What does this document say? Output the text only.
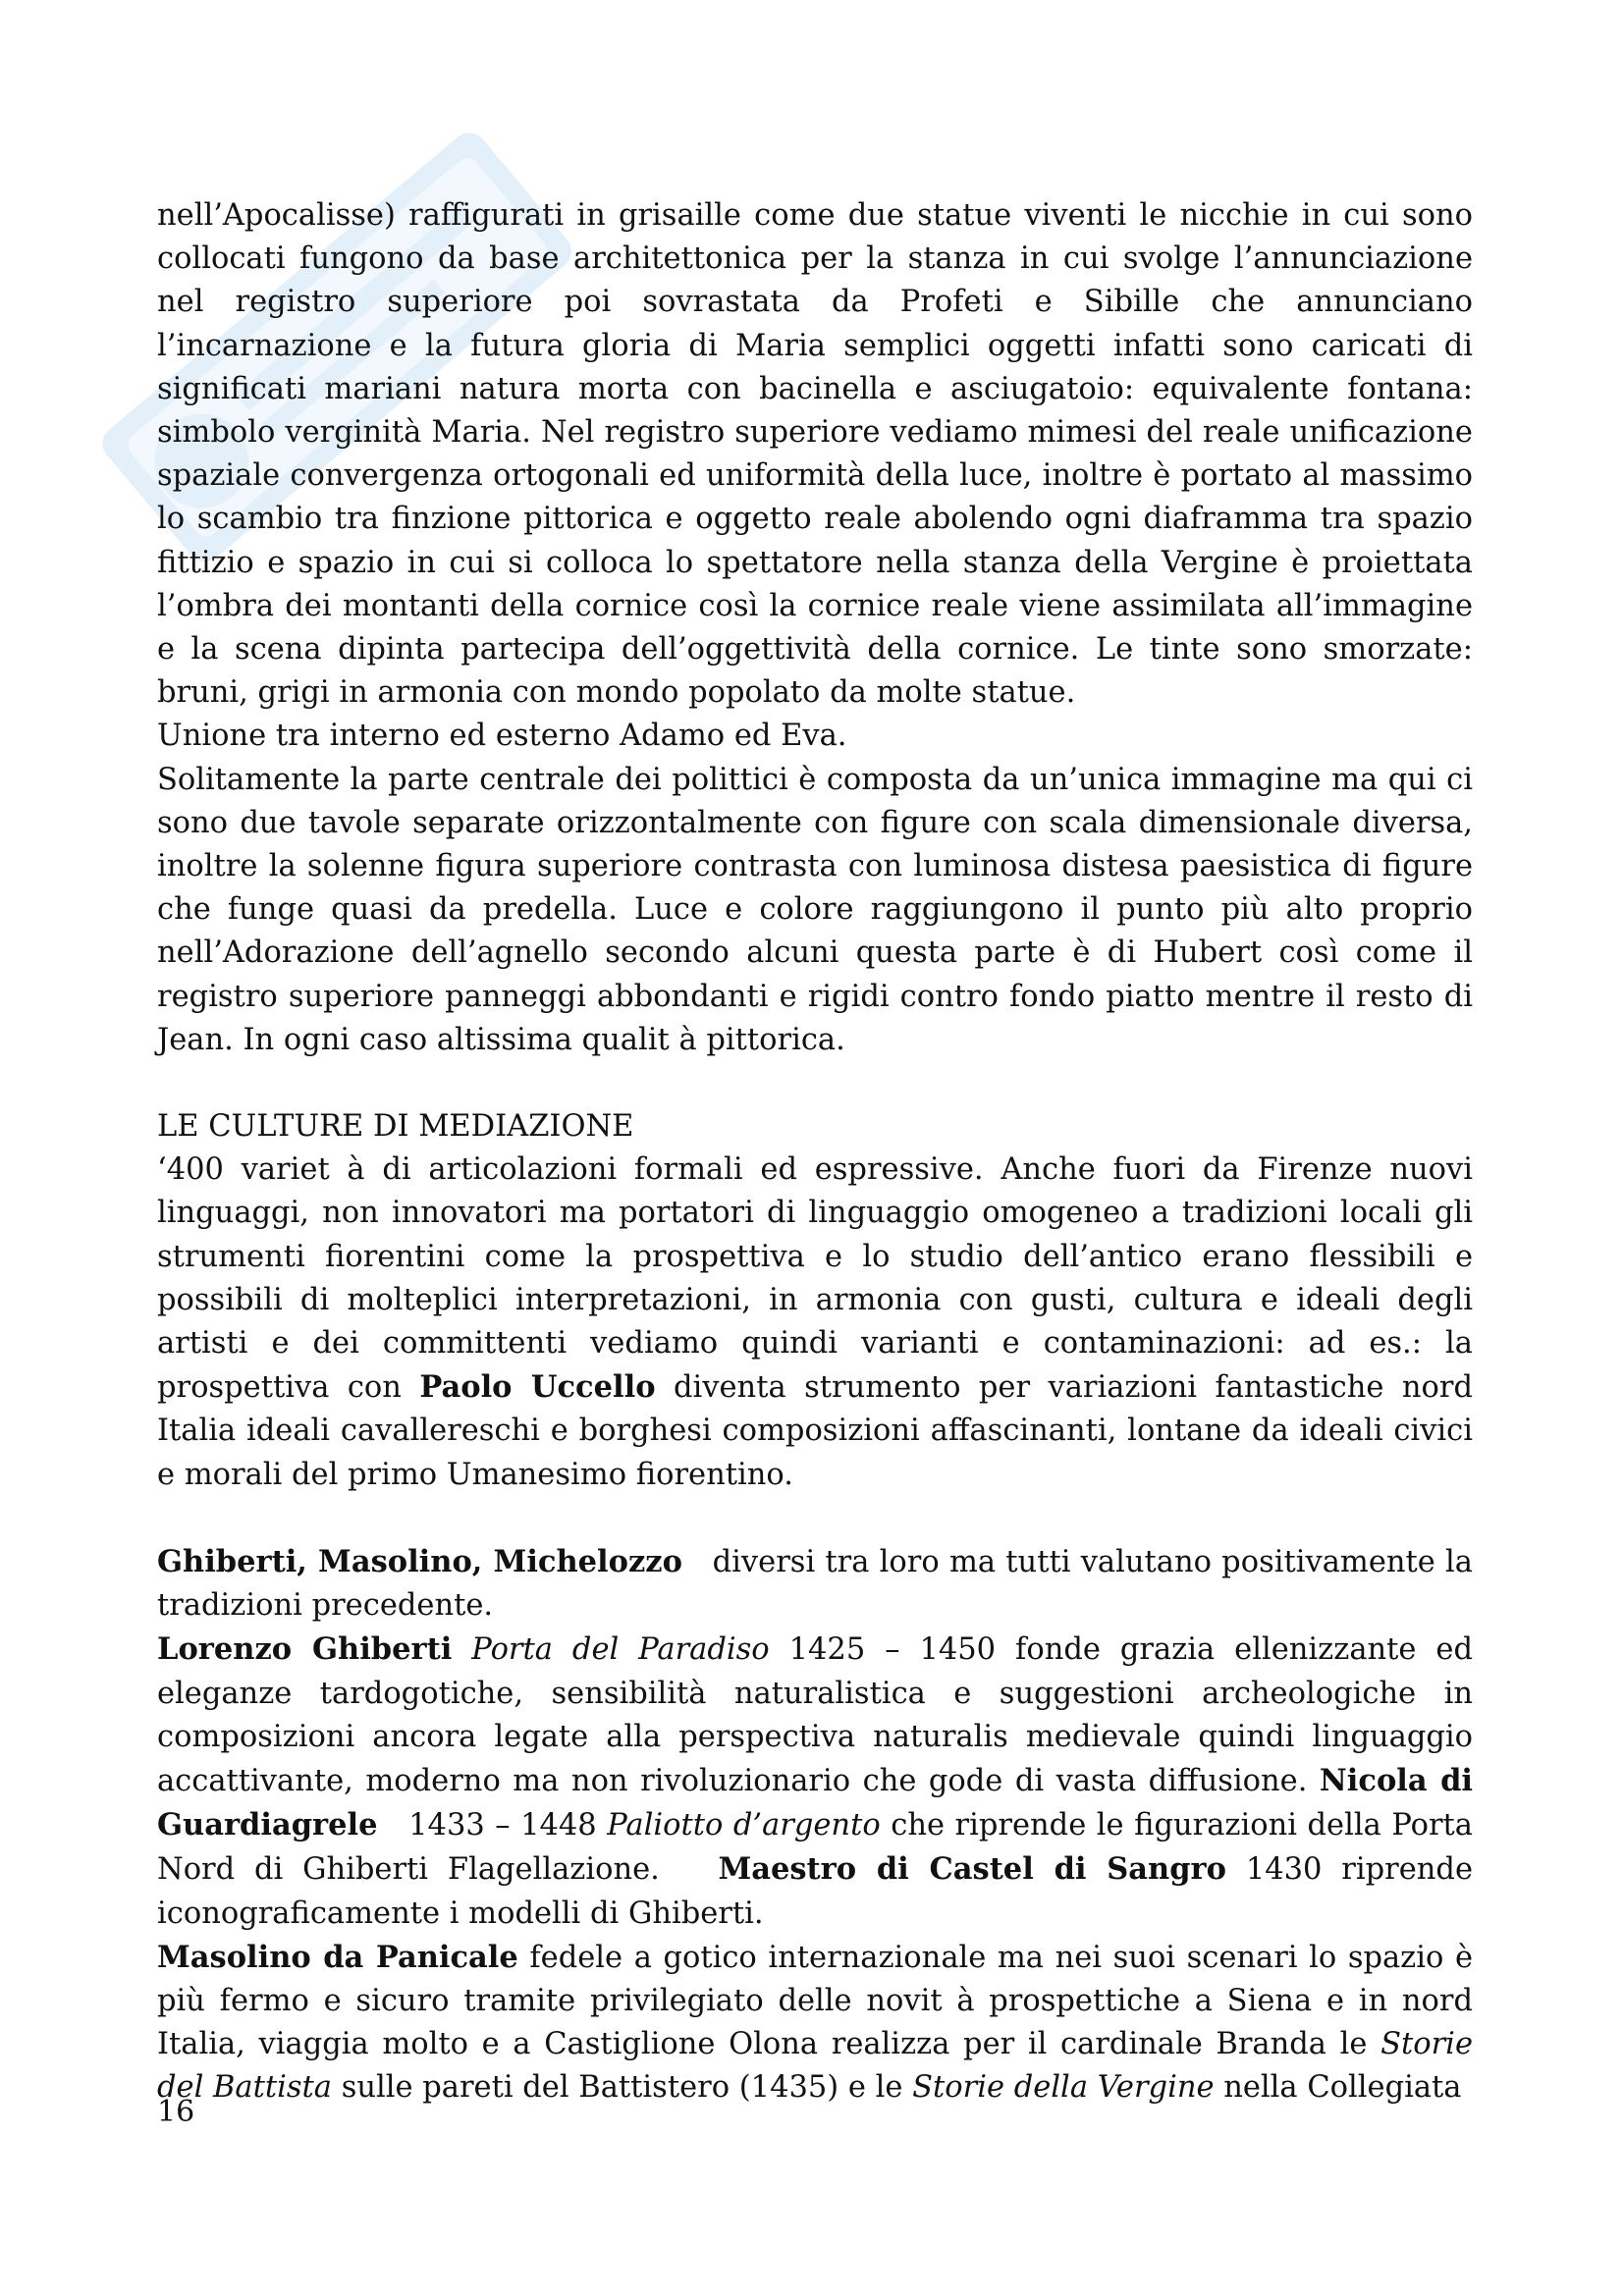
nell’Apocalisse) raffigurati in grisaille come due statue viventi le nicchie in cui sono collocati fungono da base architettonica per la stanza in cui svolge l’annunciazione nel registro superiore poi sovrastata da Profeti e Sibille che annunciano l’incarnazione e la futura gloria di Maria semplici oggetti infatti sono caricati di significati mariani natura morta con bacinella e asciugatoio: equivalente fontana: simbolo verginità Maria. Nel registro superiore vediamo mimesi del reale unificazione spaziale convergenza ortogonali ed uniformità della luce, inoltre è portato al massimo lo scambio tra finzione pittorica e oggetto reale abolendo ogni diaframma tra spazio fittizio e spazio in cui si colloca lo spettatore nella stanza della Vergine è proiettata l’ombra dei montanti della cornice così la cornice reale viene assimilata all’immagine e la scena dipinta partecipa dell’oggettività della cornice. Le tinte sono smorzate: bruni, grigi in armonia con mondo popolato da molte statue.

Unione tra interno ed esterno Adamo ed Eva.

Solitamente la parte centrale dei polittici è composta da un’unica immagine ma qui ci sono due tavole separate orizzontalmente con figure con scala dimensionale diversa, inoltre la solenne figura superiore contrasta con luminosa distesa paesistica di figure che funge quasi da predella. Luce e colore raggiungono il punto più alto proprio nell’Adorazione dell’agnello secondo alcuni questa parte è di Hubert così come il registro superiore panneggi abbondanti e rigidi contro fondo piatto mentre il resto di Jean. In ogni caso altissima qualit à pittorica.

LE CULTURE DI MEDIAZIONE

‘400 variet à di articolazioni formali ed espressive. Anche fuori da Firenze nuovi linguaggi, non innovatori ma portatori di linguaggio omogeneo a tradizioni locali gli strumenti fiorentini come la prospettiva e lo studio dell’antico erano flessibili e possibili di molteplici interpretazioni, in armonia con gusti, cultura e ideali degli artisti e dei committenti vediamo quindi varianti e contaminazioni: ad es.: la prospettiva con Paolo Uccello diventa strumento per variazioni fantastiche nord Italia ideali cavallereschi e borghesi composizioni affascinanti, lontane da ideali civici e morali del primo Umanesimo fiorentino.

Ghiberti, Masolino, Michelozzo diversi tra loro ma tutti valutano positivamente la tradizioni precedente.

Lorenzo Ghiberti Porta del Paradiso 1425 – 1450 fonde grazia ellenizzante ed eleganze tardogotiche, sensibilità naturalistica e suggestioni archeologiche in composizioni ancora legate alla perspectiva naturalis medievale quindi linguaggio accattivante, moderno ma non rivoluzionario che gode di vasta diffusione. Nicola di Guardiagrele 1433 – 1448 Paliotto d’argento che riprende le figurazioni della Porta Nord di Ghiberti Flagellazione. Maestro di Castel di Sangro 1430 riprende iconograficamente i modelli di Ghiberti.

Masolino da Panicale fedele a gotico internazionale ma nei suoi scenari lo spazio è più fermo e sicuro tramite privilegiato delle novit à prospettiche a Siena e in nord Italia, viaggia molto e a Castiglione Olona realizza per il cardinale Branda le Storie del Battista sulle pareti del Battistero (1435) e le Storie della Vergine nella Collegiata

16
